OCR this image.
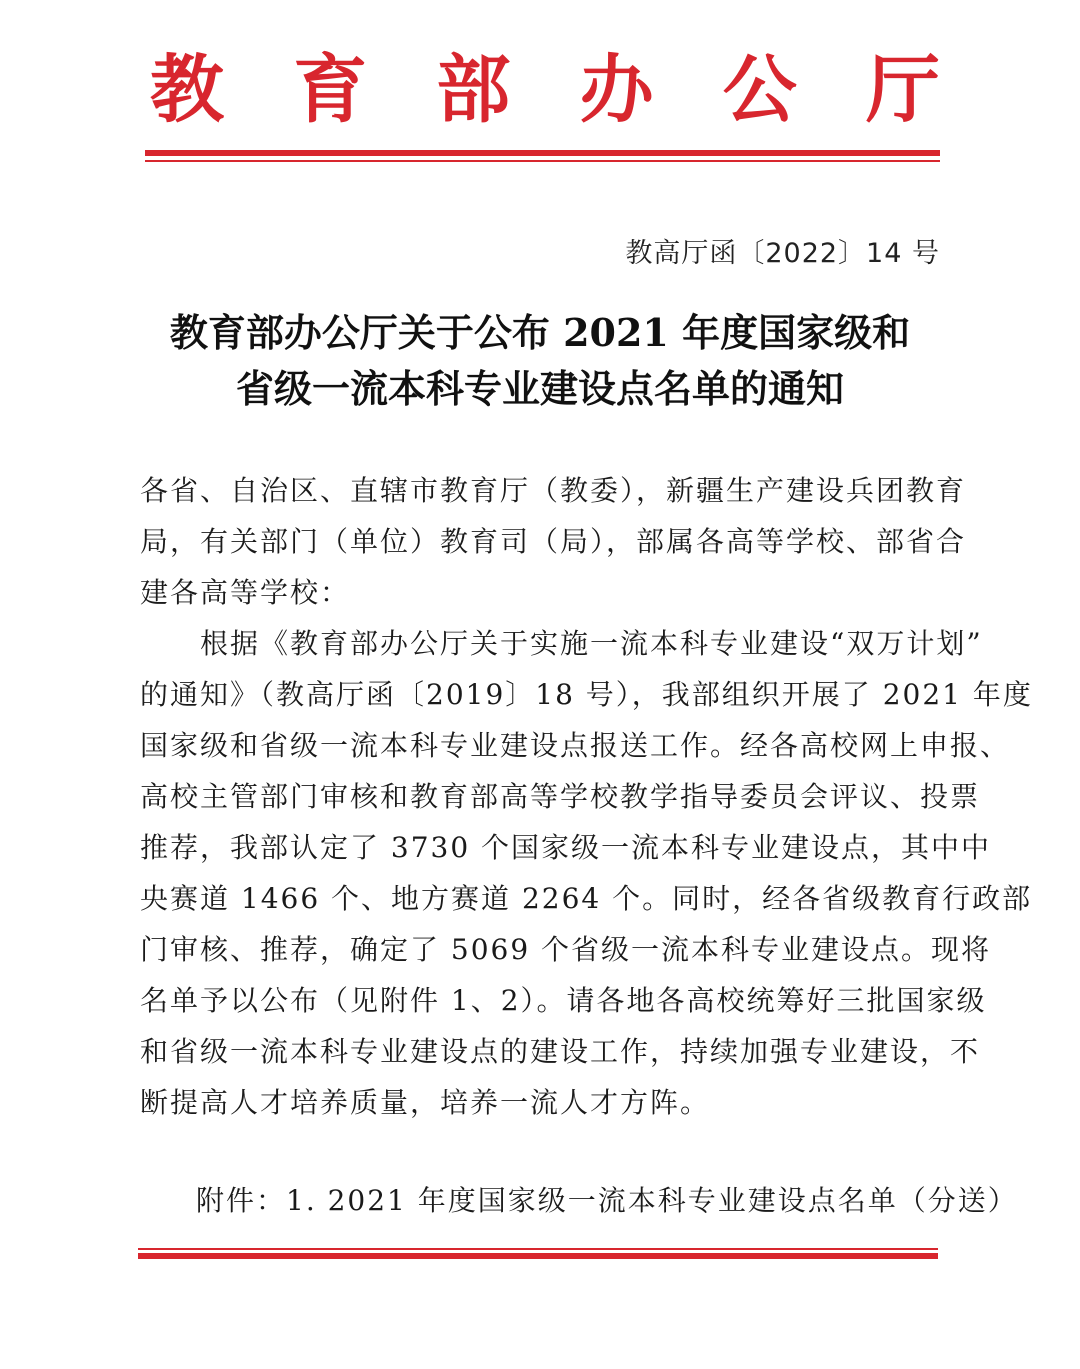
教 育 部 办 公 厅
教高厅函〔2022〕14 号
教育部办公厅关于公布 2021 年度国家级和
省级一流本科专业建设点名单的通知
各省、自治区、直辖市教育厅（教委），新疆生产建设兵团教育
局，有关部门（单位）教育司（局），部属各高等学校、部省合
建各高等学校：
　　根据《教育部办公厅关于实施一流本科专业建设“双万计划”
的通知》（教高厅函〔2019〕18 号），我部组织开展了 2021 年度
国家级和省级一流本科专业建设点报送工作。经各高校网上申报、
高校主管部门审核和教育部高等学校教学指导委员会评议、投票
推荐，我部认定了 3730 个国家级一流本科专业建设点，其中中
央赛道 1466 个、地方赛道 2264 个。同时，经各省级教育行政部
门审核、推荐，确定了 5069 个省级一流本科专业建设点。现将
名单予以公布（见附件 1、2）。请各地各高校统筹好三批国家级
和省级一流本科专业建设点的建设工作，持续加强专业建设，不
断提高人才培养质量，培养一流人才方阵。
附件：1. 2021 年度国家级一流本科专业建设点名单（分送）
